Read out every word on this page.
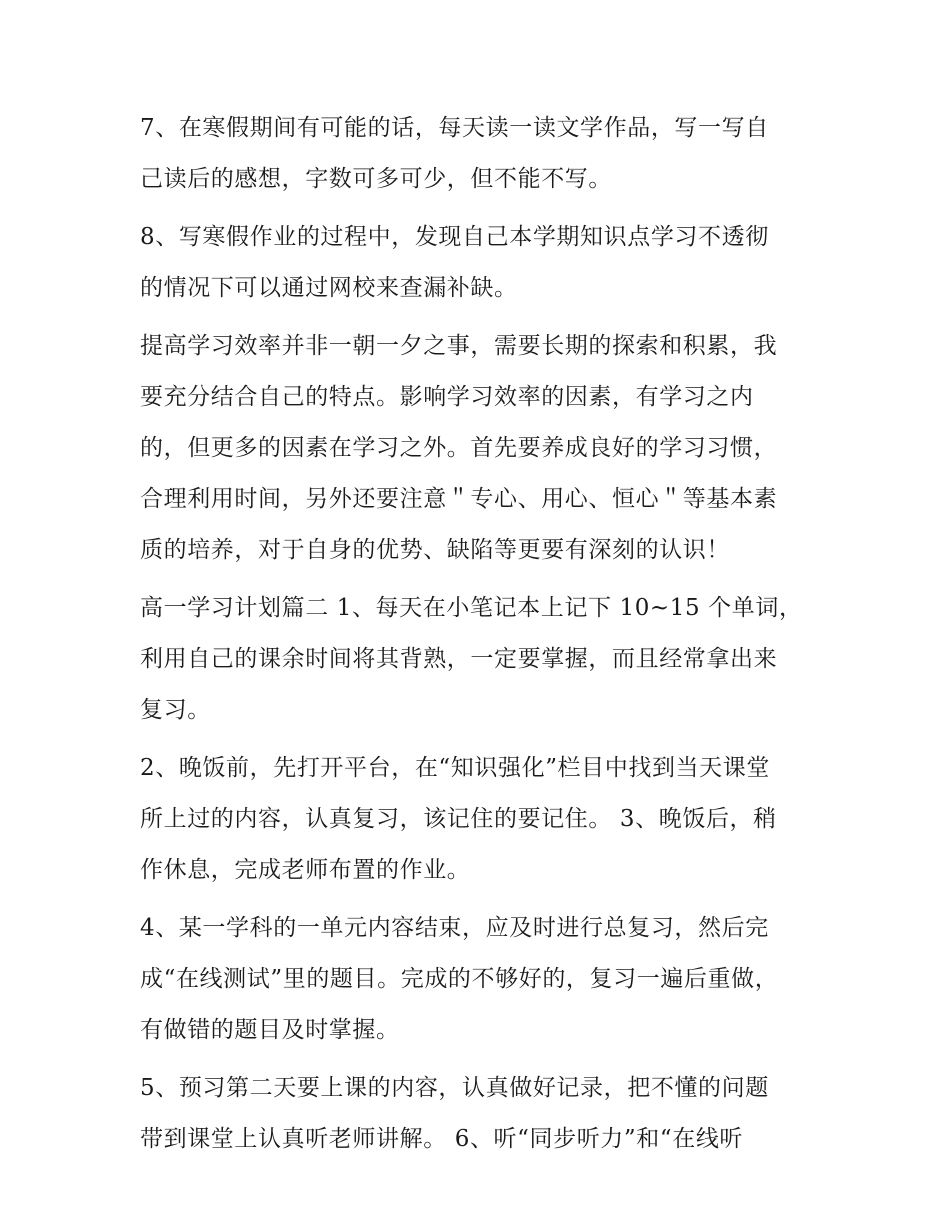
7、在寒假期间有可能的话，每天读一读文学作品，写一写自
己读后的感想，字数可多可少，但不能不写。

8、写寒假作业的过程中，发现自己本学期知识点学习不透彻
的情况下可以通过网校来查漏补缺。

提高学习效率并非一朝一夕之事，需要长期的探索和积累，我
要充分结合自己的特点。影响学习效率的因素，有学习之内
的，但更多的因素在学习之外。首先要养成良好的学习习惯，
合理利用时间，另外还要注意＂专心、用心、恒心＂等基本素
质的培养，对于自身的优势、缺陷等更要有深刻的认识！

高一学习计划篇二 1、每天在小笔记本上记下 10~15 个单词，
利用自己的课余时间将其背熟，一定要掌握，而且经常拿出来
复习。

2、晚饭前，先打开平台，在“知识强化”栏目中找到当天课堂
所上过的内容，认真复习，该记住的要记住。 3、晚饭后，稍
作休息，完成老师布置的作业。

4、某一学科的一单元内容结束，应及时进行总复习，然后完
成“在线测试”里的题目。完成的不够好的，复习一遍后重做，
有做错的题目及时掌握。

5、预习第二天要上课的内容，认真做好记录，把不懂的问题
带到课堂上认真听老师讲解。 6、听“同步听力”和“在线听
